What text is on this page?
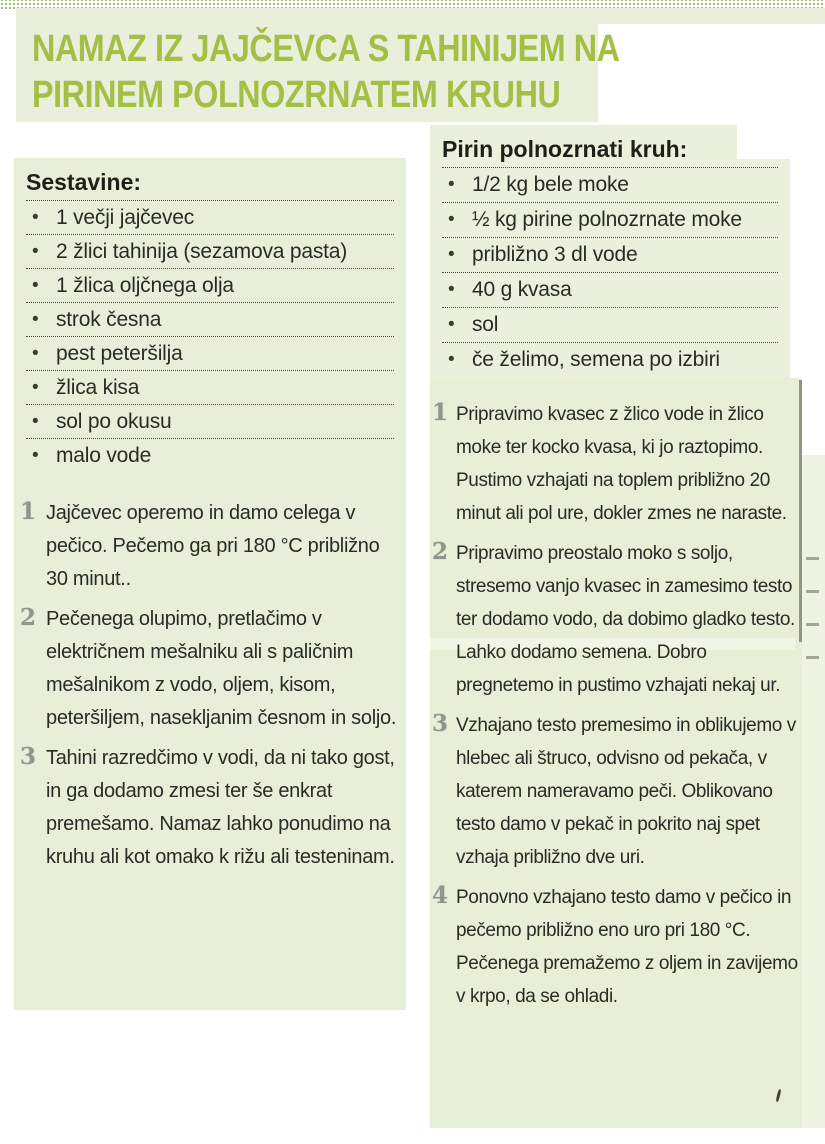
NAMAZ IZ JAJČEVCA S TAHINIJEM NA
PIRINEM POLNOZRNATEM KRUHU
Sestavine:
• 1 večji jajčevec
• 2 žlici tahinija (sezamova pasta)
• 1 žlica oljčnega olja
• strok česna
• pest peteršilja
• žlica kisa
• sol po okusu
• malo vode
Pirin polnozrnati kruh:
• 1/2 kg bele moke
• ½ kg pirine polnozrnate moke
• približno 3 dl vode
• 40 g kvasa
• sol
• če želimo, semena po izbiri
1 Jajčevec operemo in damo celega v pečico. Pečemo ga pri 180 °C približno 30 minut..

2 Pečenega olupimo, pretlačimo v električnem mešalniku ali s paličnim mešalnikom z vodo, oljem, kisom, peteršiljem, nasekljanim česnom in soljo.

3 Tahini razredčimo v vodi, da ni tako gost, in ga dodamo zmesi ter še enkrat premešamo. Namaz lahko ponudimo na kruhu ali kot omako k rižu ali testeninam.

1 Pripravimo kvasec z žlico vode in žlico moke ter kocko kvasa, ki jo raztopimo. Pustimo vzhajati na toplem približno 20 minut ali pol ure, dokler zmes ne naraste.

2 Pripravimo preostalo moko s soljo, stresemo vanjo kvasec in zamesimo testo ter dodamo vodo, da dobimo gladko testo. Lahko dodamo semena. Dobro pregnetemo in pustimo vzhajati nekaj ur.

3 Vzhajano testo premesimo in oblikujemo v hlebec ali štruco, odvisno od pekača, v katerem nameravamo peči. Oblikovano testo damo v pekač in pokrito naj spet vzhaja približno dve uri.

4 Ponovno vzhajano testo damo v pečico in pečemo približno eno uro pri 180 °C. Pečenega premažemo z oljem in zavijemo v krpo, da se ohladi.
